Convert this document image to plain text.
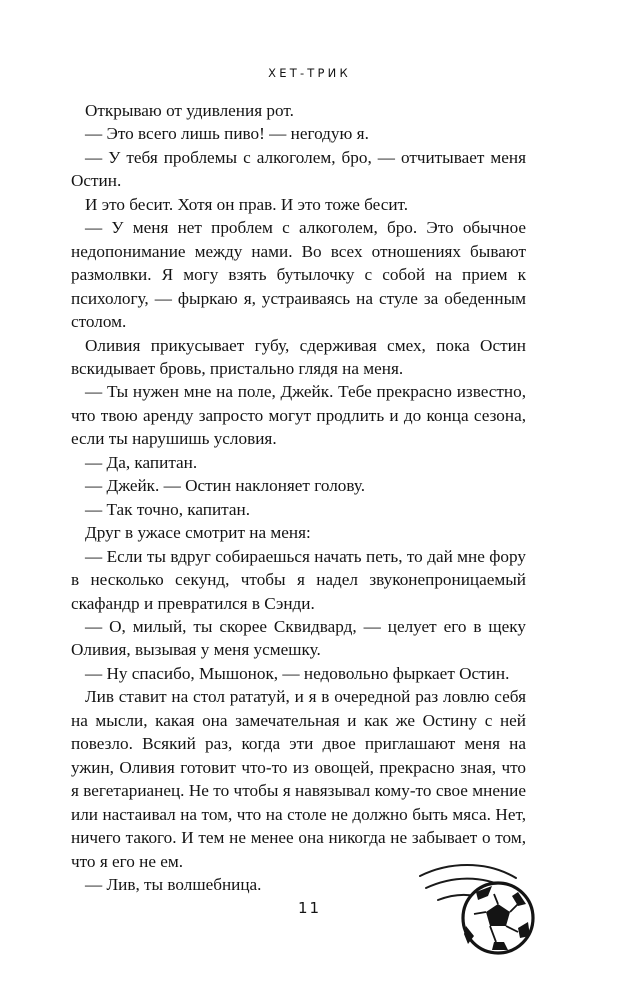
ХЕТ-ТРИК

Открываю от удивления рот.

— Это всего лишь пиво! — негодую я.

— У тебя проблемы с алкоголем, бро, — отчитывает меня Остин.

И это бесит. Хотя он прав. И это тоже бесит.

— У меня нет проблем с алкоголем, бро. Это обычное недопонимание между нами. Во всех отношениях бывают размолвки. Я могу взять бутылочку с собой на прием к психологу, — фыркаю я, устраиваясь на стуле за обеденным столом.

Оливия прикусывает губу, сдерживая смех, пока Остин вскидывает бровь, пристально глядя на меня.

— Ты нужен мне на поле, Джейк. Тебе прекрасно известно, что твою аренду запросто могут продлить и до конца сезона, если ты нарушишь условия.

— Да, капитан.

— Джейк. — Остин наклоняет голову.

— Так точно, капитан.

Друг в ужасе смотрит на меня:

— Если ты вдруг собираешься начать петь, то дай мне фору в несколько секунд, чтобы я надел звуконепроницаемый скафандр и превратился в Сэнди.

— О, милый, ты скорее Сквидвард, — целует его в щеку Оливия, вызывая у меня усмешку.

— Ну спасибо, Мышонок, — недовольно фыркает Остин.

Лив ставит на стол рататуй, и я в очередной раз ловлю себя на мысли, какая она замечательная и как же Остину с ней повезло. Всякий раз, когда эти двое приглашают меня на ужин, Оливия готовит что-то из овощей, прекрасно зная, что я вегетарианец. Не то чтобы я навязывал кому-то свое мнение или настаивал на том, что на столе не должно быть мяса. Нет, ничего такого. И тем не менее она никогда не забывает о том, что я его не ем.

— Лив, ты волшебница.

11
